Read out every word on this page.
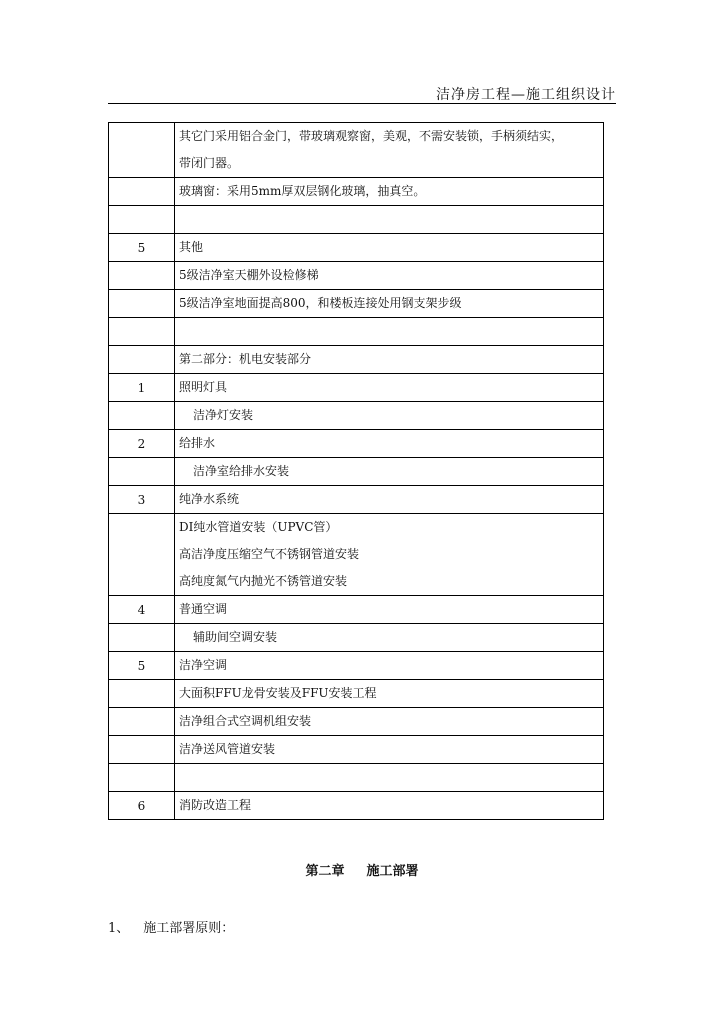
洁净房工程—施工组织设计

	其它门采用铝合金门，带玻璃观察窗，美观，不需安装锁，手柄须结实，
带闭门器。

	玻璃窗：采用5mm厚双层钢化玻璃，抽真空。

5	其他

	5级洁净室天棚外设检修梯

	5级洁净室地面提高800，和楼板连接处用钢支架步级

	第二部分：机电安装部分

1	照明灯具

	洁净灯安装

2	给排水

	洁净室给排水安装

3	纯净水系统

	DI纯水管道安装（UPVC管）
高洁净度压缩空气不锈钢管道安装
高纯度氮气内抛光不锈管道安装

4	普通空调

	辅助间空调安装

5	洁净空调

	大面积FFU龙骨安装及FFU安装工程

	洁净组合式空调机组安装

	洁净送风管道安装

6	消防改造工程
第二章 施工部署
1、 施工部署原则：
